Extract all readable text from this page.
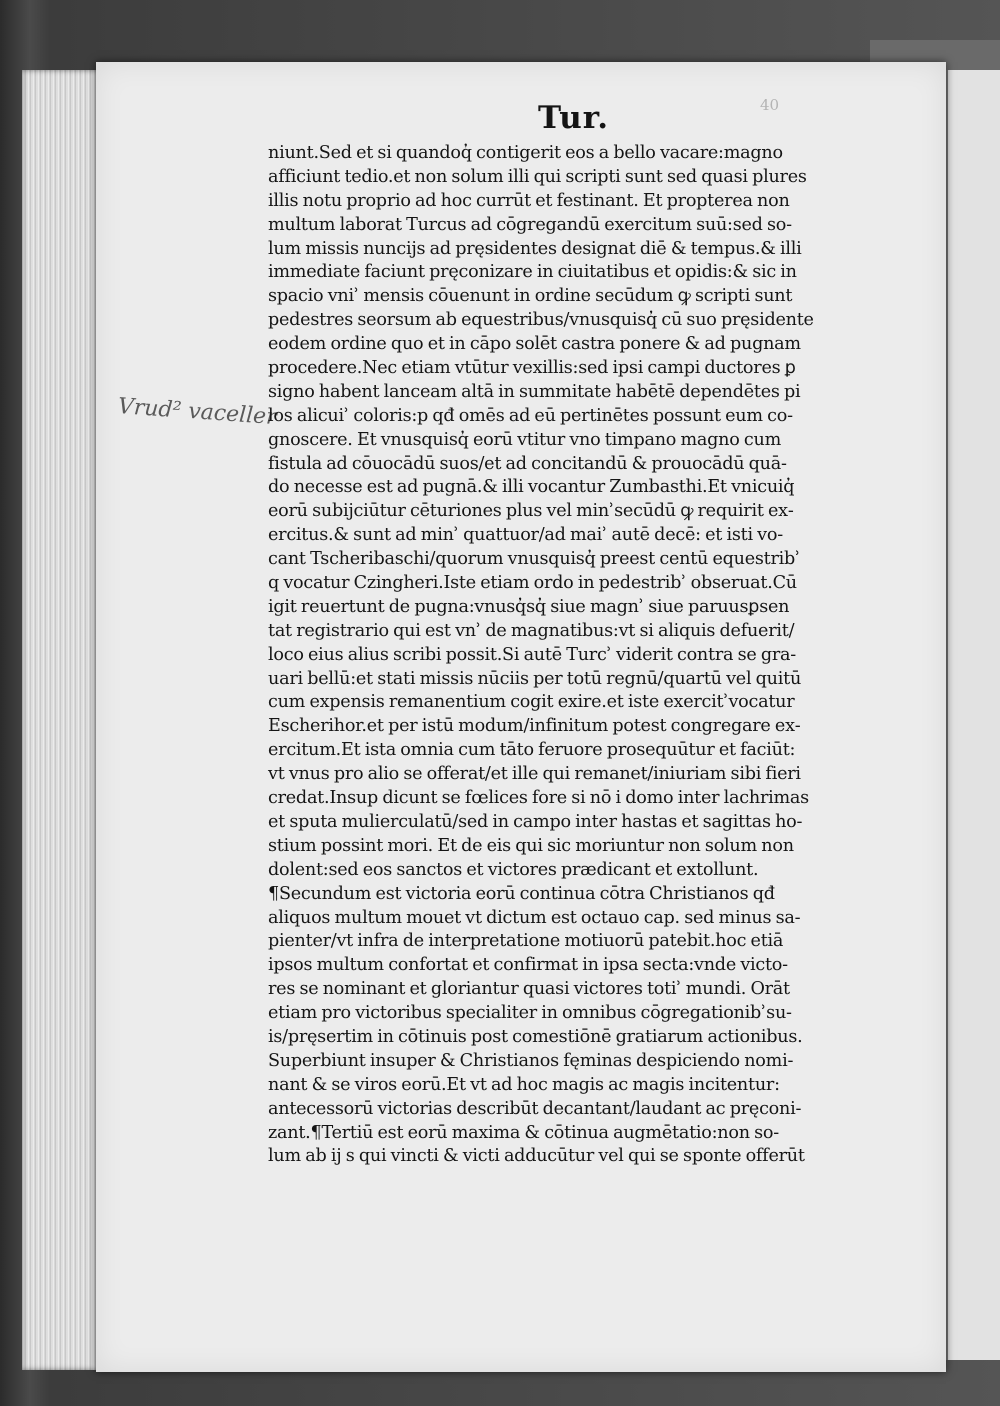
40
Tur.
Vrud² vaceller
niunt.Sed et si quandoq̓ contigerit eos a bello vacare:magno
afficiunt tedio.et non solum illi qui scripti sunt sed quasi plures
illis notu proprio ad hoc currūt et festinant. Et propterea non
multum laborat Turcus ad cōgregandū exercitum suū:sed so‐
lum missis nuncijs ad pręsidentes designat diē & tempus.& illi
immediate faciunt pręconizare in ciuitatibus et opidis:& sic in
spacio vniʾ mensis cōuenunt in ordine secūdum ꝙ scripti sunt
pedestres seorsum ab equestribus/vnusquisq̓ cū suo pręsidente
eodem ordine quo et in cāpo solēt castra ponere & ad pugnam
procedere.Nec etiam vtūtur vexillis:sed ipsi campi ductores ꝑ
signo habent lanceam altā in summitate habētē dependētes pi
los alicuiʾ coloris:p qđ omēs ad eū pertinētes possunt eum co‐
gnoscere. Et vnusquisq̓ eorū vtitur vno timpano magno cum
fistula ad cōuocādū suos/et ad concitandū & prouocādū quā‐
do necesse est ad pugnā.& illi vocantur Zumbasthi.Et vnicuiq̓
eorū subijciūtur cēturiones plus vel minʾsecūdū ꝙ requirit ex‐
ercitus.& sunt ad minʾ quattuor/ad maiʾ autē decē: et isti vo‐
cant Tscheribaschi/quorum vnusquisq̓ preest centū equestribʾ
q vocatur Czingheri.Iste etiam ordo in pedestribʾ obseruat.Cū
igit reuertunt de pugna:vnusq̓sq̓ siue magnʾ siue paruusꝑsen
tat registrario qui est vnʾ de magnatibus:vt si aliquis defuerit/
loco eius alius scribi possit.Si autē Turcʾ viderit contra se gra‐
uari bellū:et stati missis nūciis per totū regnū/quartū vel quitū
cum expensis remanentium cogit exire.et iste exercitʾvocatur
Escherihor.et per istū modum/infinitum potest congregare ex‐
ercitum.Et ista omnia cum tāto feruore prosequūtur et faciūt:
vt vnus pro alio se offerat/et ille qui remanet/iniuriam sibi fieri
credat.Insup dicunt se fœlices fore si nō i domo inter lachrimas
et sputa mulierculatū/sed in campo inter hastas et sagittas ho‐
stium possint mori. Et de eis qui sic moriuntur non solum non
dolent:sed eos sanctos et victores prædicant et extollunt.
¶Secundum est victoria eorū continua cōtra Christianos qđ
aliquos multum mouet vt dictum est octauo cap. sed minus sa‐
pienter/vt infra de interpretatione motiuorū patebit.hoc etiā
ipsos multum confortat et confirmat in ipsa secta:vnde victo‐
res se nominant et gloriantur quasi victores totiʾ mundi. Orāt
etiam pro victoribus specialiter in omnibus cōgregationibʾsu‐
is/pręsertim in cōtinuis post comestiōnē gratiarum actionibus.
Superbiunt insuper & Christianos fęminas despiciendo nomi‐
nant & se viros eorū.Et vt ad hoc magis ac magis incitentur:
antecessorū victorias describūt decantant/laudant ac pręconi‐
zant.¶Tertiū est eorū maxima & cōtinua augmētatio:non so‐
lum ab ij s qui vincti & victi adducūtur vel qui se sponte offerūt
